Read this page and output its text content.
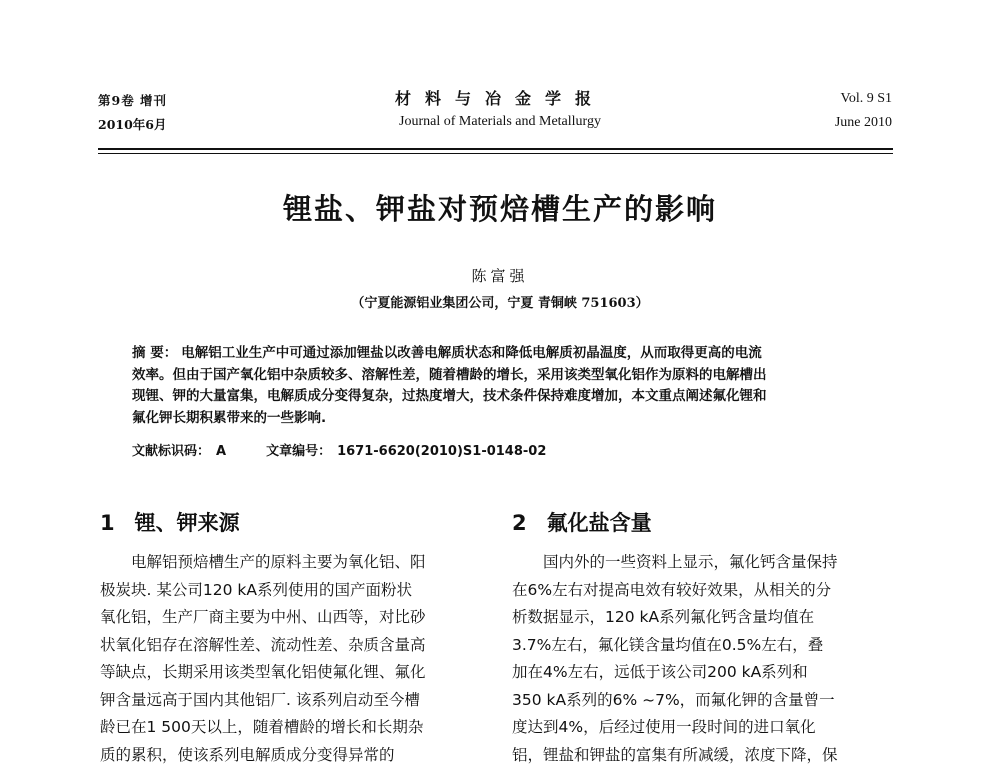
第9卷 增刊
2010年6月
材料与冶金学报
Journal of Materials and Metallurgy
Vol. 9 S1
June 2010
锂盐、钾盐对预焙槽生产的影响
陈富强
（宁夏能源铝业集团公司，宁夏 青铜峡 751603）
摘 要： 电解铝工业生产中可通过添加锂盐以改善电解质状态和降低电解质初晶温度，从而取得更高的电流
效率。但由于国产氧化铝中杂质较多、溶解性差，随着槽龄的增长，采用该类型氧化铝作为原料的电解槽出
现锂、钾的大量富集，电解质成分变得复杂，过热度增大，技术条件保持难度增加，本文重点阐述氟化锂和
氟化钾长期积累带来的一些影响.
文献标识码： A	文章编号： 1671-6620(2010)S1-0148-02
1 锂、钾来源
　　电解铝预焙槽生产的原料主要为氧化铝、阳
极炭块. 某公司120 kA系列使用的国产面粉状
氧化铝，生产厂商主要为中州、山西等，对比砂
状氧化铝存在溶解性差、流动性差、杂质含量高
等缺点，长期采用该类型氧化铝使氟化锂、氟化
钾含量远高于国内其他铝厂. 该系列启动至今槽
龄已在1 500天以上，随着槽龄的增长和长期杂
质的累积，使该系列电解质成分变得异常的
2 氟化盐含量
　　国内外的一些资料上显示，氟化钙含量保持
在6%左右对提高电效有较好效果，从相关的分
析数据显示，120 kA系列氟化钙含量均值在
3.7%左右，氟化镁含量均值在0.5%左右，叠
加在4%左右，远低于该公司200 kA系列和
350 kA系列的6% ~7%，而氟化钾的含量曾一
度达到4%，后经过使用一段时间的进口氧化
铝，锂盐和钾盐的富集有所减缓，浓度下降，保
